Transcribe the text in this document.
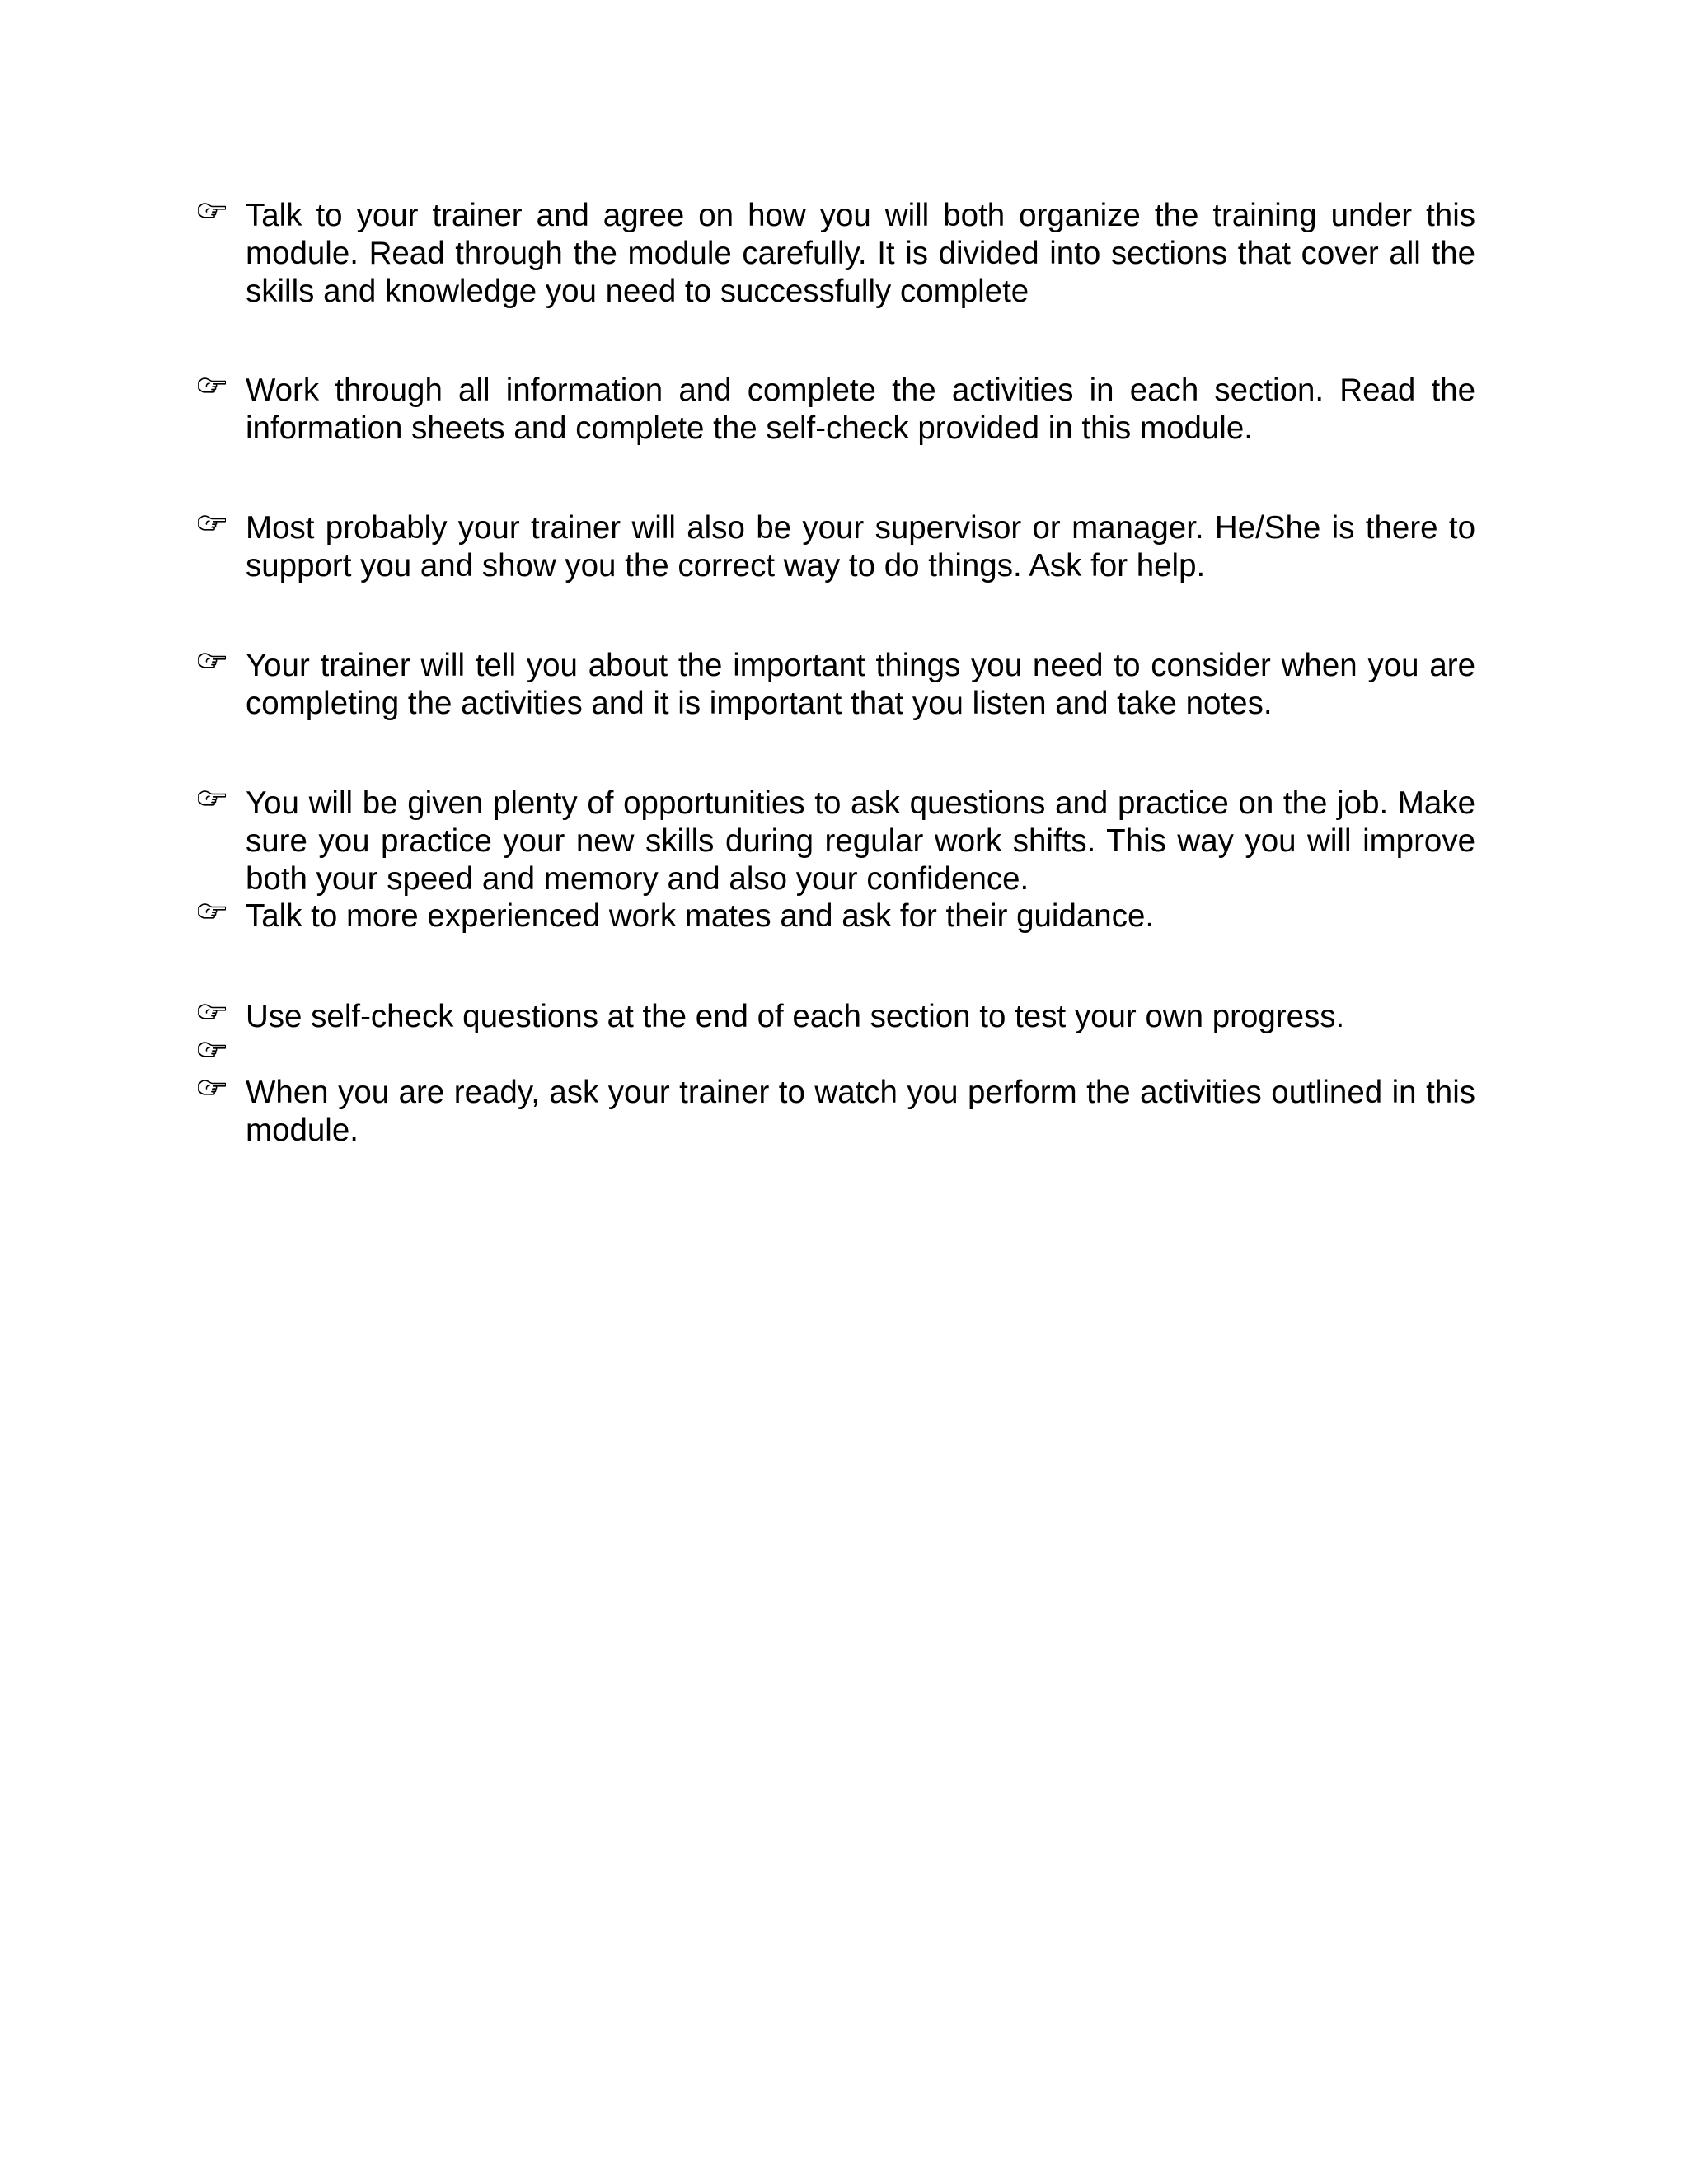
Talk to your trainer and agree on how you will both organize the training under this module. Read through the module carefully. It is divided into sections that cover all the skills and knowledge you need to successfully complete
Work through all information and complete the activities in each section. Read the information sheets and complete the self-check provided in this module.
Most probably your trainer will also be your supervisor or manager. He/She is there to support you and show you the correct way to do things. Ask for help.
Your trainer will tell you about the important things you need to consider when you are completing the activities and it is important that you listen and take notes.
You will be given plenty of opportunities to ask questions and practice on the job. Make sure you practice your new skills during regular work shifts. This way you will improve both your speed and memory and also your confidence.
Talk to more experienced work mates and ask for their guidance.
Use self-check questions at the end of each section to test your own progress.
When you are ready, ask your trainer to watch you perform the activities outlined in this module.
